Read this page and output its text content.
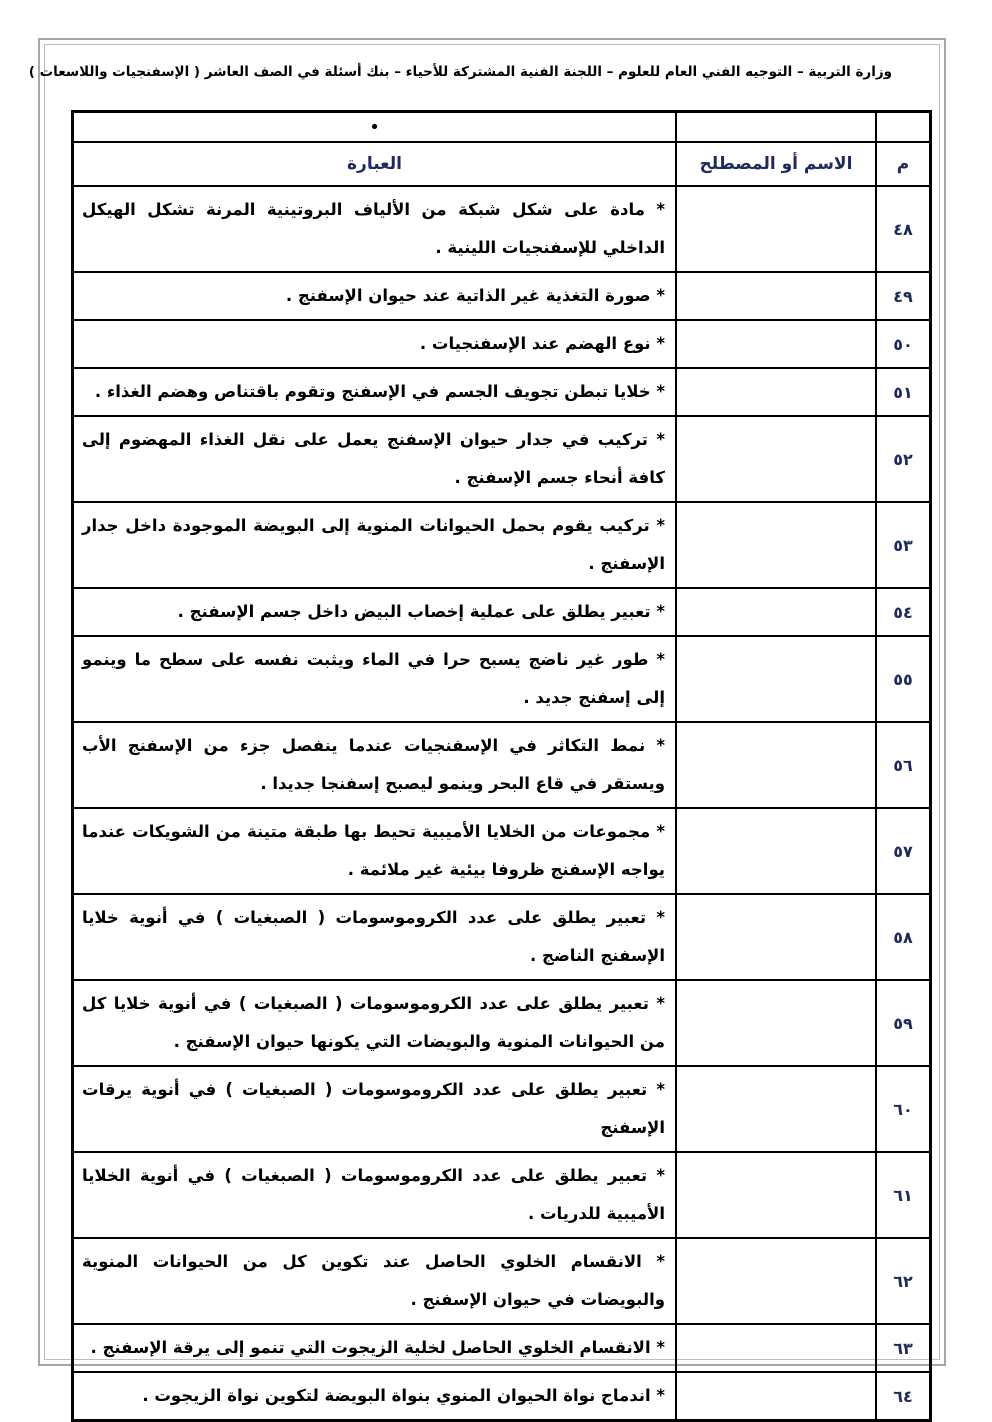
وزارة التربية – التوجيه الفني العام للعلوم – اللجنة الفنية المشتركة للأحياء – بنك أسئلة في الصف العاشر ( الإسفنجيات واللاسعات )
		•
م	الاسم أو المصطلح	العبارة
٤٨		* مادة على شكل شبكة من الألياف البروتينية المرنة تشكل الهيكل الداخلي للإسفنجيات اللينية .
٤٩		* صورة التغذية غير الذاتية عند حيوان الإسفنج .
٥٠		* نوع الهضم عند الإسفنجيات .
٥١		* خلايا تبطن تجويف الجسم في الإسفنج وتقوم باقتناص وهضم الغذاء .
٥٢		* تركيب في جدار حيوان الإسفنج يعمل على نقل الغذاء المهضوم إلى كافة أنحاء جسم الإسفنج .
٥٣		* تركيب يقوم بحمل الحيوانات المنوية إلى البويضة الموجودة داخل جدار الإسفنج .
٥٤		* تعبير يطلق على عملية إخصاب البيض داخل جسم الإسفنج .
٥٥		* طور غير ناضج يسبح حرا في الماء ويثبت نفسه على سطح ما وينمو إلى إسفنج جديد .
٥٦		* نمط التكاثر في الإسفنجيات عندما ينفصل جزء من الإسفنج الأب ويستقر في قاع البحر وينمو ليصبح إسفنجا جديدا .
٥٧		* مجموعات من الخلايا الأميبية تحيط بها طبقة متينة من الشويكات عندما يواجه الإسفنج ظروفا بيئية غير ملائمة .
٥٨		* تعبير يطلق على عدد الكروموسومات ( الصبغيات ) في أنوية خلايا الإسفنج الناضج .
٥٩		* تعبير يطلق على عدد الكروموسومات ( الصبغيات ) في أنوية خلايا كل من الحيوانات المنوية والبويضات التي يكونها حيوان الإسفنج .
٦٠		* تعبير يطلق على عدد الكروموسومات ( الصبغيات ) في أنوية يرقات الإسفنج
٦١		* تعبير يطلق على عدد الكروموسومات ( الصبغيات ) في أنوية الخلايا الأميبية للدريات .
٦٢		* الانقسام الخلوي الحاصل عند تكوين كل من الحيوانات المنوية والبويضات في حيوان الإسفنج .
٦٣		* الانقسام الخلوي الحاصل لخلية الزيجوت التي تنمو إلى يرقة الإسفنج .
٦٤		* اندماج نواة الحيوان المنوي بنواة البويضة لتكوين نواة الزيجوت .
